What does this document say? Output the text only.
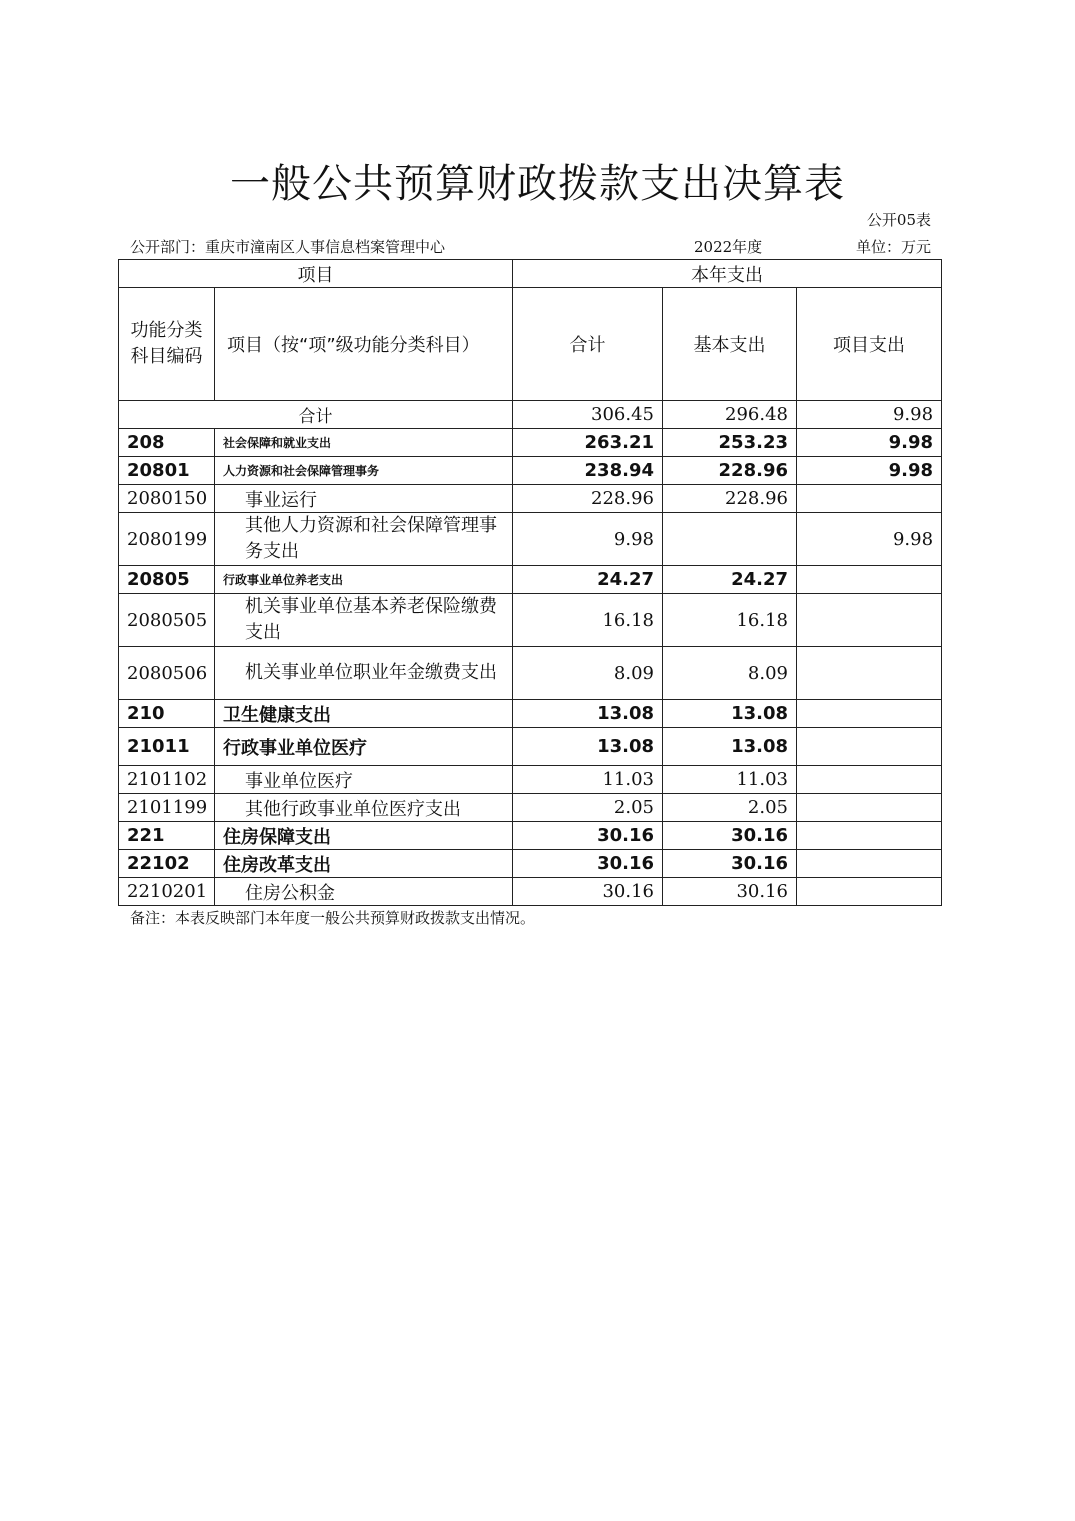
一般公共预算财政拨款支出决算表
公开05表
公开部门：重庆市潼南区人事信息档案管理中心	2022年度	单位：万元
项目		本年支出		
功能分类科目编码	项目（按“项”级功能分类科目）	合计	基本支出	项目支出
合计		306.45	296.48	9.98
208	社会保障和就业支出	263.21	253.23	9.98
20801	人力资源和社会保障管理事务	238.94	228.96	9.98
2080150	事业运行	228.96	228.96	
2080199	其他人力资源和社会保障管理事务支出	9.98		9.98
20805	行政事业单位养老支出	24.27	24.27	
2080505	机关事业单位基本养老保险缴费支出	16.18	16.18	
2080506	机关事业单位职业年金缴费支出	8.09	8.09	
210	卫生健康支出	13.08	13.08	
21011	行政事业单位医疗	13.08	13.08	
2101102	事业单位医疗	11.03	11.03	
2101199	其他行政事业单位医疗支出	2.05	2.05	
221	住房保障支出	30.16	30.16	
22102	住房改革支出	30.16	30.16	
2210201	住房公积金	30.16	30.16	
备注：本表反映部门本年度一般公共预算财政拨款支出情况。
